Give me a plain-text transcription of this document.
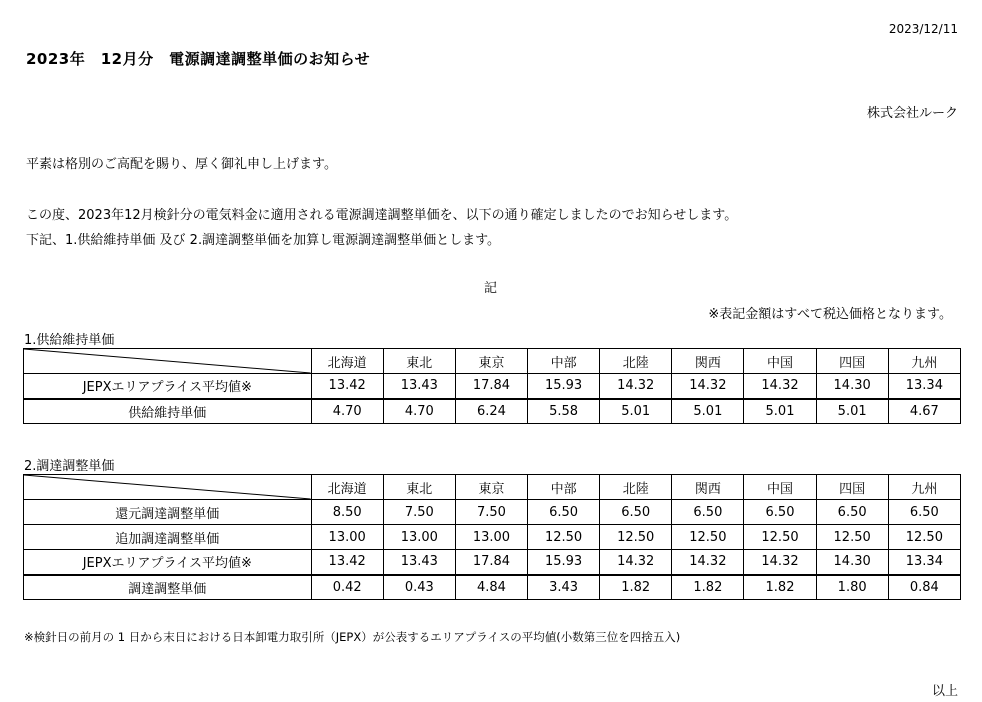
2023/12/11
2023年　12月分　電源調達調整単価のお知らせ
株式会社ルーク
平素は格別のご高配を賜り、厚く御礼申し上げます。
この度、2023年12月検針分の電気料金に適用される電源調達調整単価を、以下の通り確定しましたのでお知らせします。
下記、1.供給維持単価 及び 2.調達調整単価を加算し電源調達調整単価とします。
記
※表記金額はすべて税込価格となります。
1.供給維持単価
	北海道	東北	東京	中部	北陸	関西	中国	四国	九州
JEPXエリアプライス平均値※	13.42	13.43	17.84	15.93	14.32	14.32	14.32	14.30	13.34
供給維持単価	4.70	4.70	6.24	5.58	5.01	5.01	5.01	5.01	4.67
2.調達調整単価
	北海道	東北	東京	中部	北陸	関西	中国	四国	九州
還元調達調整単価	8.50	7.50	7.50	6.50	6.50	6.50	6.50	6.50	6.50
追加調達調整単価	13.00	13.00	13.00	12.50	12.50	12.50	12.50	12.50	12.50
JEPXエリアプライス平均値※	13.42	13.43	17.84	15.93	14.32	14.32	14.32	14.30	13.34
調達調整単価	0.42	0.43	4.84	3.43	1.82	1.82	1.82	1.80	0.84
※検針日の前月の 1 日から末日における日本卸電力取引所（JEPX）が公表するエリアプライスの平均値(小数第三位を四捨五入)
以上
